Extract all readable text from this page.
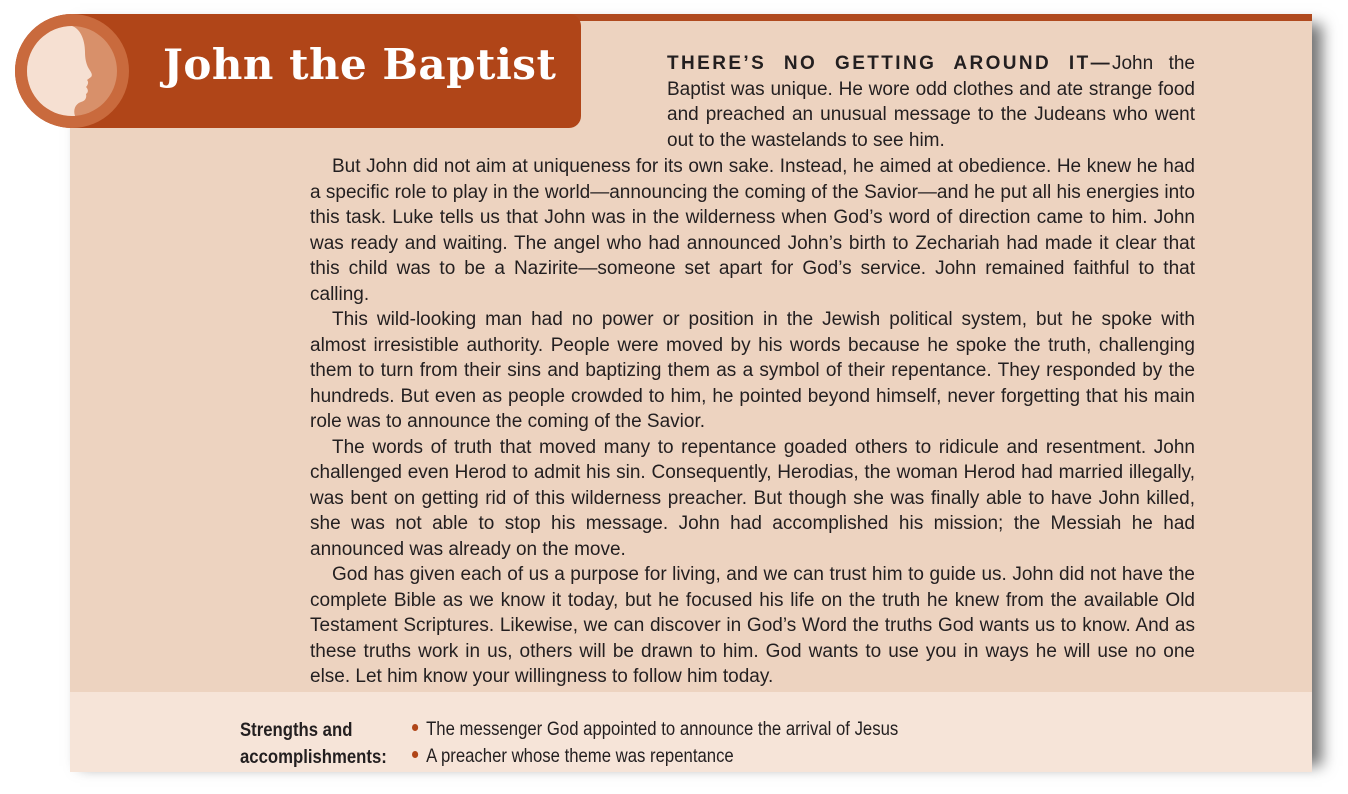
THERE’S NO GETTING AROUND IT—John the Baptist was unique. He wore odd clothes and ate strange food and preached an unusual message to the Judeans who went out to the wastelands to see him.

But John did not aim at uniqueness for its own sake. Instead, he aimed at obedience. He knew he had a specific role to play in the world—announcing the coming of the Savior—and he put all his energies into this task. Luke tells us that John was in the wilderness when God’s word of direction came to him. John was ready and waiting. The angel who had announced John’s birth to Zechariah had made it clear that this child was to be a Nazirite—someone set apart for God’s service. John remained faithful to that calling.

This wild-looking man had no power or position in the Jewish political system, but he spoke with almost irresistible authority. People were moved by his words because he spoke the truth, challenging them to turn from their sins and baptizing them as a symbol of their repentance. They responded by the hundreds. But even as people crowded to him, he pointed beyond himself, never forgetting that his main role was to announce the coming of the Savior.

The words of truth that moved many to repentance goaded others to ridicule and resentment. John challenged even Herod to admit his sin. Consequently, Herodias, the woman Herod had married illegally, was bent on getting rid of this wilderness preacher. But though she was finally able to have John killed, she was not able to stop his message. John had accomplished his mission; the Messiah he had announced was already on the move.

God has given each of us a purpose for living, and we can trust him to guide us. John did not have the complete Bible as we know it today, but he focused his life on the truth he knew from the available Old Testament Scriptures. Likewise, we can discover in God’s Word the truths God wants us to know. And as these truths work in us, others will be drawn to him. God wants to use you in ways he will use no one else. Let him know your willingness to follow him today.

Strengths and
accomplishments:
The messenger God appointed to announce the arrival of Jesus
A preacher whose theme was repentance
John the Baptist
